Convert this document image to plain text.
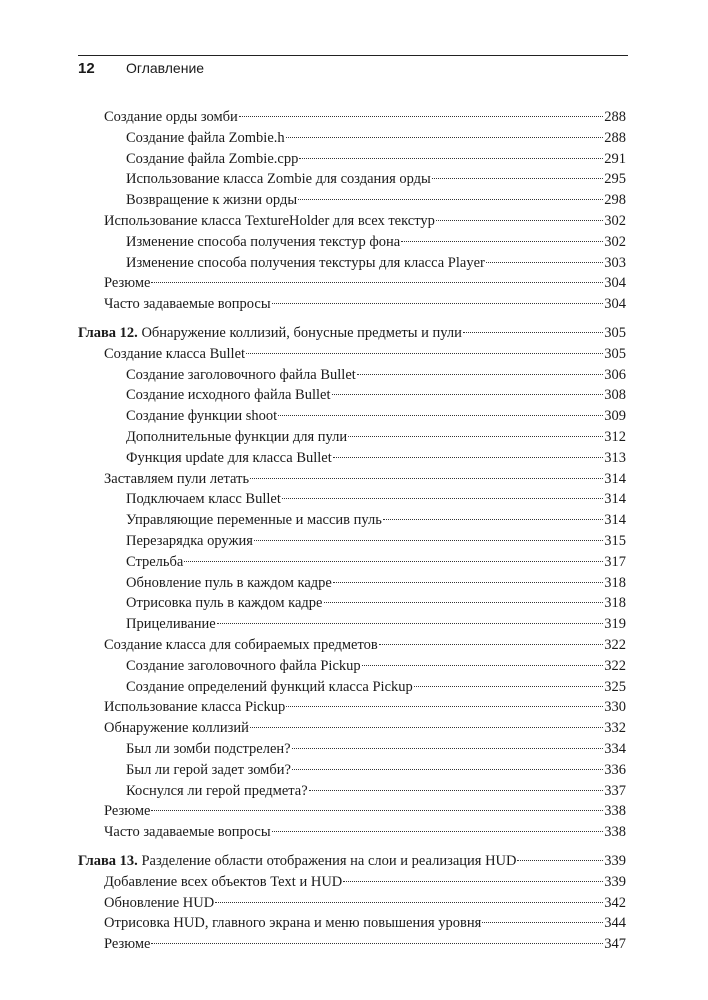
12	Оглавление
Создание орды зомби	288
Создание файла Zombie.h	288
Создание файла Zombie.cpp	291
Использование класса Zombie для создания орды	295
Возвращение к жизни орды	298
Использование класса TextureHolder для всех текстур	302
Изменение способа получения текстур фона	302
Изменение способа получения текстуры для класса Player	303
Резюме	304
Часто задаваемые вопросы	304
Глава 12. Обнаружение коллизий, бонусные предметы и пули	305
Создание класса Bullet	305
Создание заголовочного файла Bullet	306
Создание исходного файла Bullet	308
Создание функции shoot	309
Дополнительные функции для пули	312
Функция update для класса Bullet	313
Заставляем пули летать	314
Подключаем класс Bullet	314
Управляющие переменные и массив пуль	314
Перезарядка оружия	315
Стрельба	317
Обновление пуль в каждом кадре	318
Отрисовка пуль в каждом кадре	318
Прицеливание	319
Создание класса для собираемых предметов	322
Создание заголовочного файла Pickup	322
Создание определений функций класса Pickup	325
Использование класса Pickup	330
Обнаружение коллизий	332
Был ли зомби подстрелен?	334
Был ли герой задет зомби?	336
Коснулся ли герой предмета?	337
Резюме	338
Часто задаваемые вопросы	338
Глава 13. Разделение области отображения на слои и реализация HUD	339
Добавление всех объектов Text и HUD	339
Обновление HUD	342
Отрисовка HUD, главного экрана и меню повышения уровня	344
Резюме	347
